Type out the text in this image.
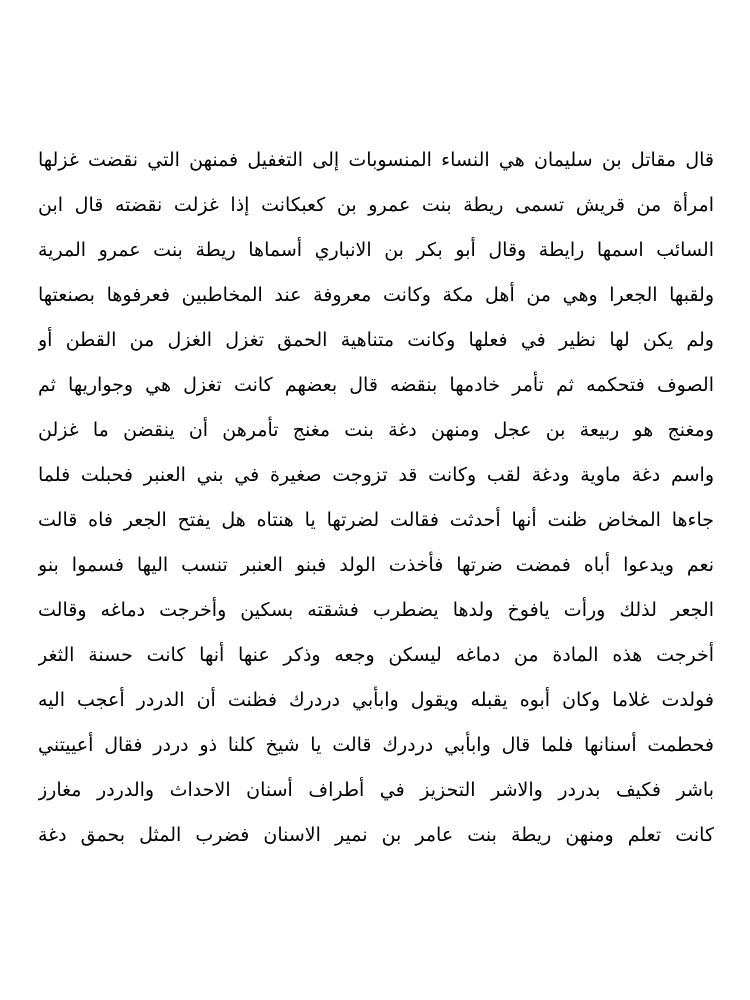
قال مقاتل بن سليمان هي النساء المنسوبات إلى التغفيل فمنهن التي نقضت غزلها
امرأة من قريش تسمى ريطة بنت عمرو بن كعبكانت إذا غزلت نقضته قال ابن
السائب اسمها رايطة وقال أبو بكر بن الانباري أسماها ريطة بنت عمرو المرية
ولقبها الجعرا وهي من أهل مكة وكانت معروفة عند المخاطبين فعرفوها بصنعتها
ولم يكن لها نظير في فعلها وكانت متناهية الحمق تغزل الغزل من القطن أو
الصوف فتحكمه ثم تأمر خادمها بنقضه قال بعضهم كانت تغزل هي وجواريها ثم
ومغنج هو ربيعة بن عجل ومنهن دغة بنت مغنج تأمرهن أن ينقضن ما غزلن
واسم دغة ماوية ودغة لقب وكانت قد تزوجت صغيرة في بني العنبر فحبلت فلما
جاءها المخاض ظنت أنها أحدثت فقالت لضرتها يا هنتاه هل يفتح الجعر فاه قالت
نعم ويدعوا أباه فمضت ضرتها فأخذت الولد فبنو العنبر تنسب اليها فسموا بنو
الجعر لذلك ورأت يافوخ ولدها يضطرب فشقته بسكين وأخرجت دماغه وقالت
أخرجت هذه المادة من دماغه ليسكن وجعه وذكر عنها أنها كانت حسنة الثغر
فولدت غلاما وكان أبوه يقبله ويقول وابأبي دردرك فظنت أن الدردر أعجب اليه
فحطمت أسنانها فلما قال وابأبي دردرك قالت يا شيخ كلنا ذو دردر فقال أعييتني
باشر فكيف بدردر والاشر التحزيز في أطراف أسنان الاحداث والدردر مغارز
كانت تعلم ومنهن ريطة بنت عامر بن نمير الاسنان فضرب المثل بحمق دغة
